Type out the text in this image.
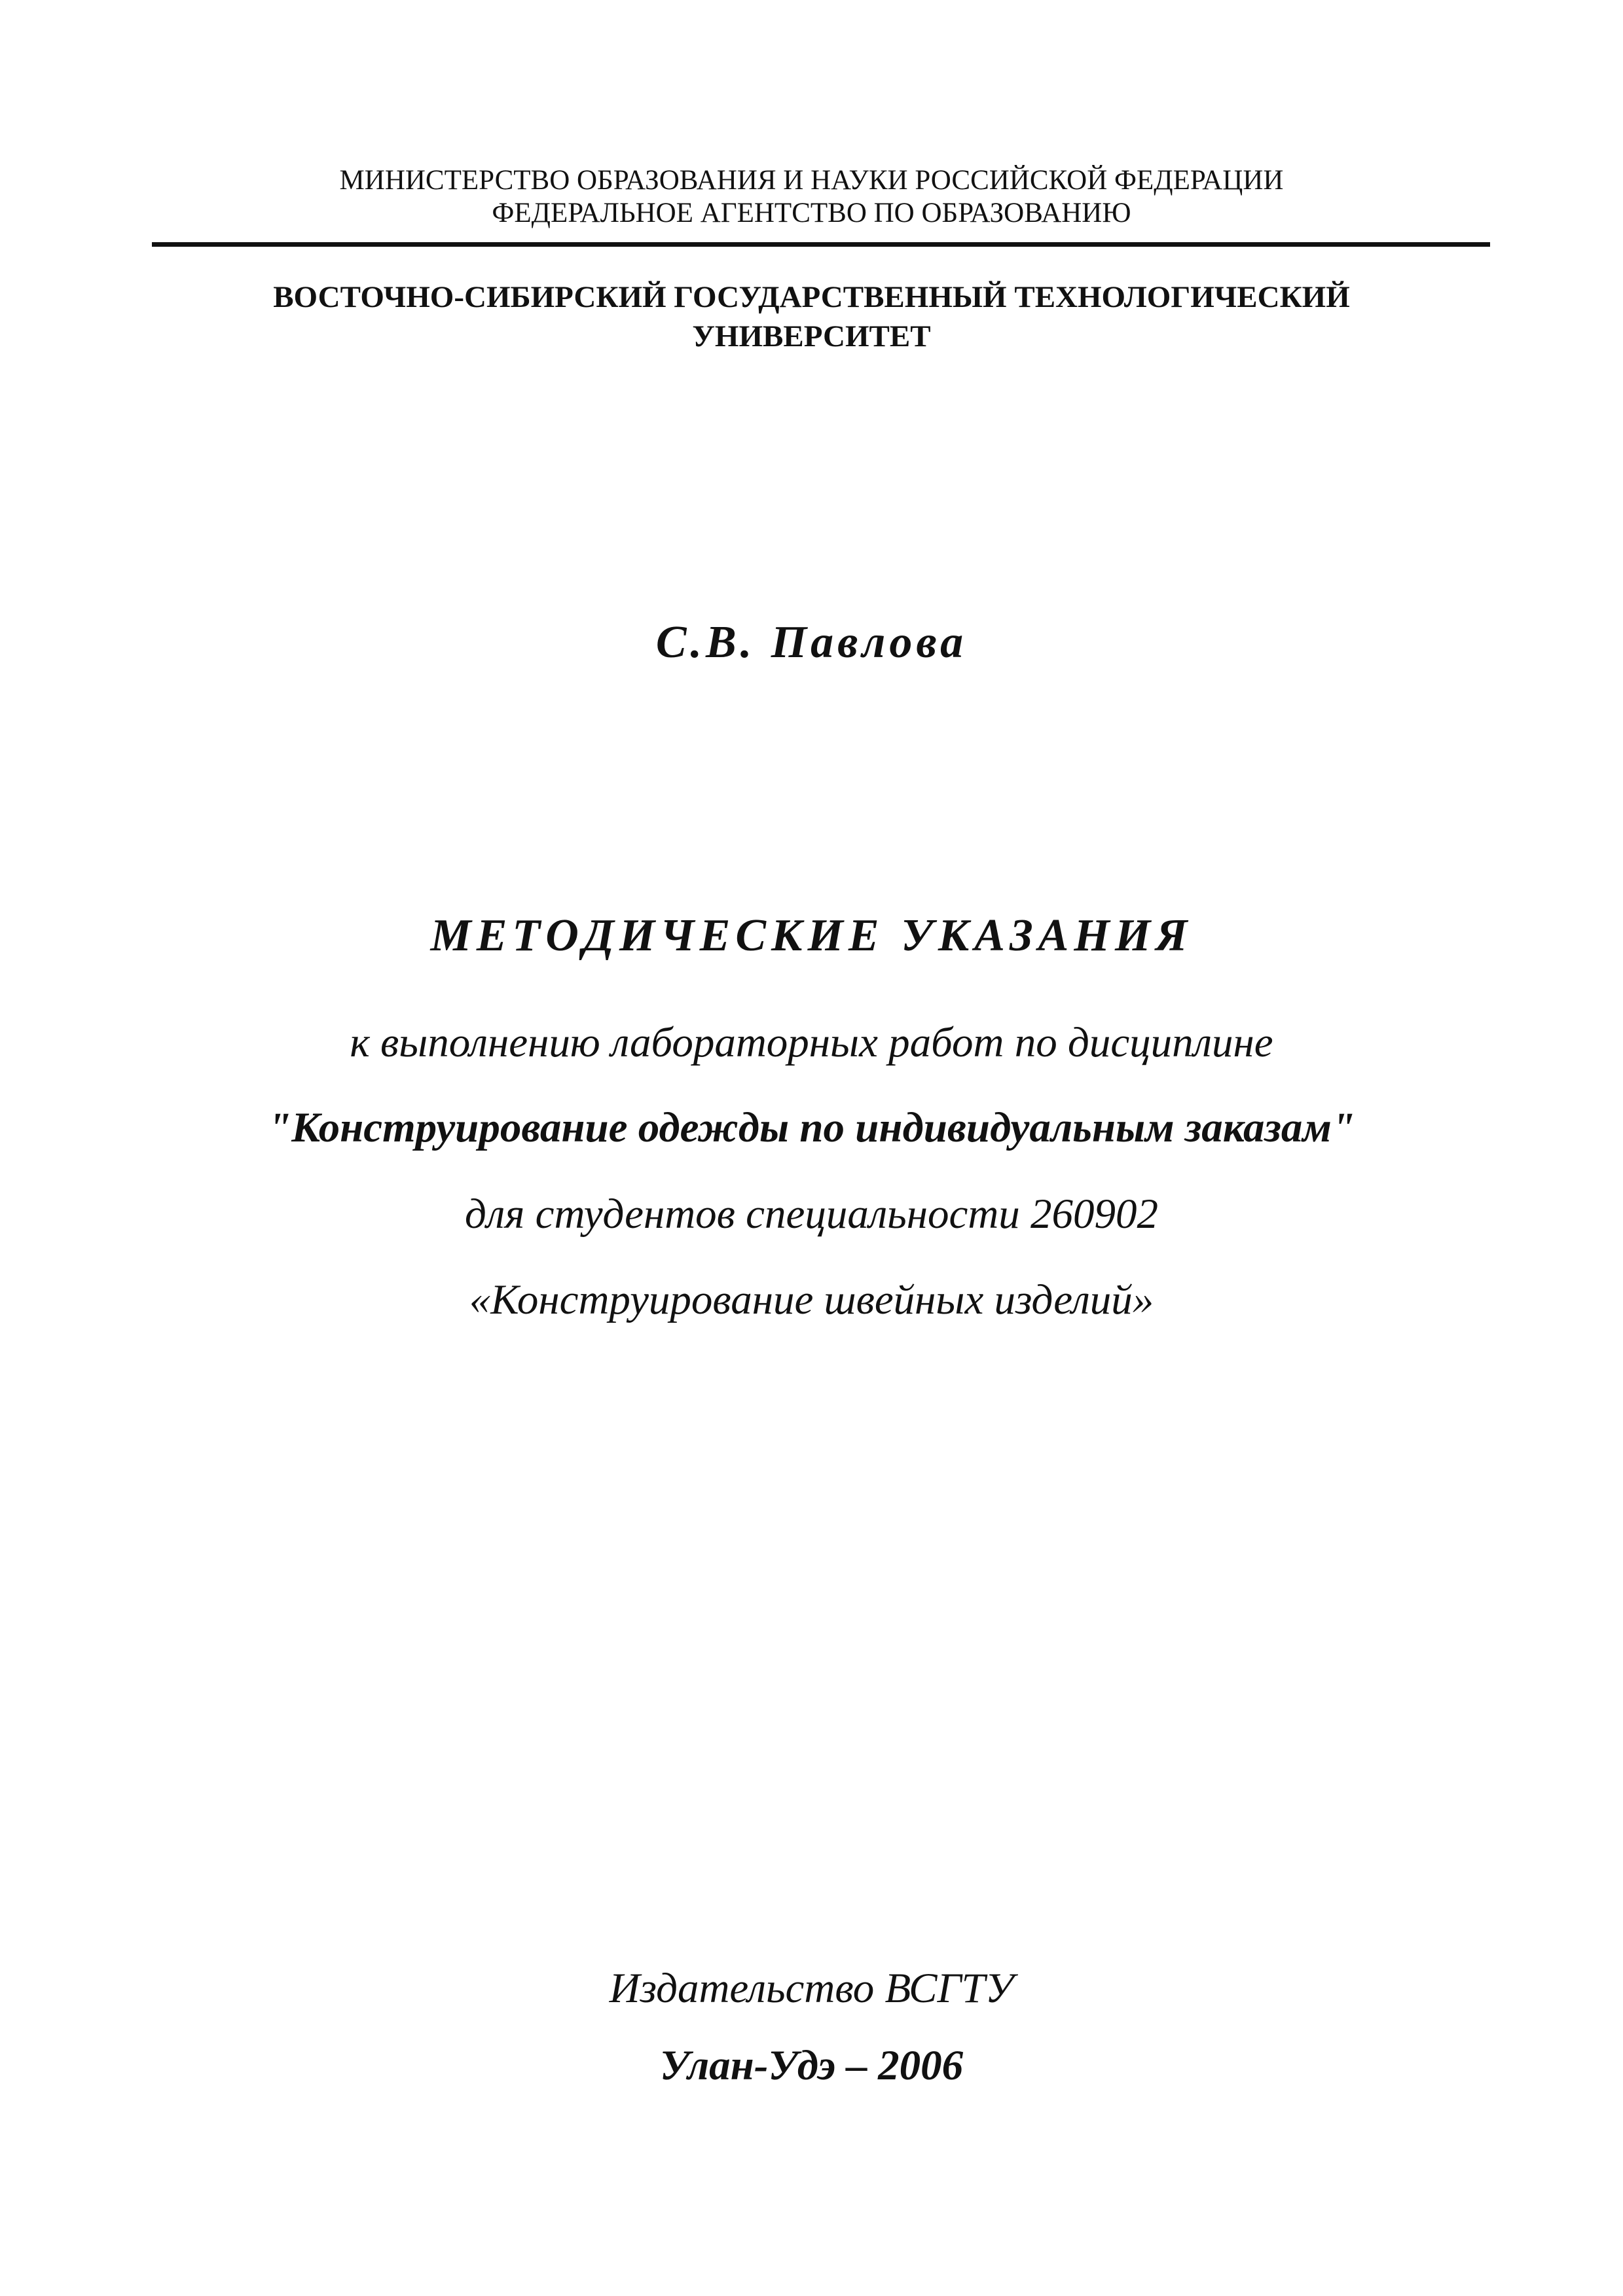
МИНИСТЕРСТВО ОБРАЗОВАНИЯ И НАУКИ РОССИЙСКОЙ ФЕДЕРАЦИИ
ФЕДЕРАЛЬНОЕ АГЕНТСТВО ПО ОБРАЗОВАНИЮ
ВОСТОЧНО-СИБИРСКИЙ ГОСУДАРСТВЕННЫЙ ТЕХНОЛОГИЧЕСКИЙ
УНИВЕРСИТЕТ
С.В. Павлова
МЕТОДИЧЕСКИЕ УКАЗАНИЯ
к выполнению лабораторных работ по дисциплине
"Конструирование одежды по индивидуальным заказам"
для студентов специальности 260902
«Конструирование швейных изделий»
Издательство ВСГТУ
Улан-Удэ – 2006
